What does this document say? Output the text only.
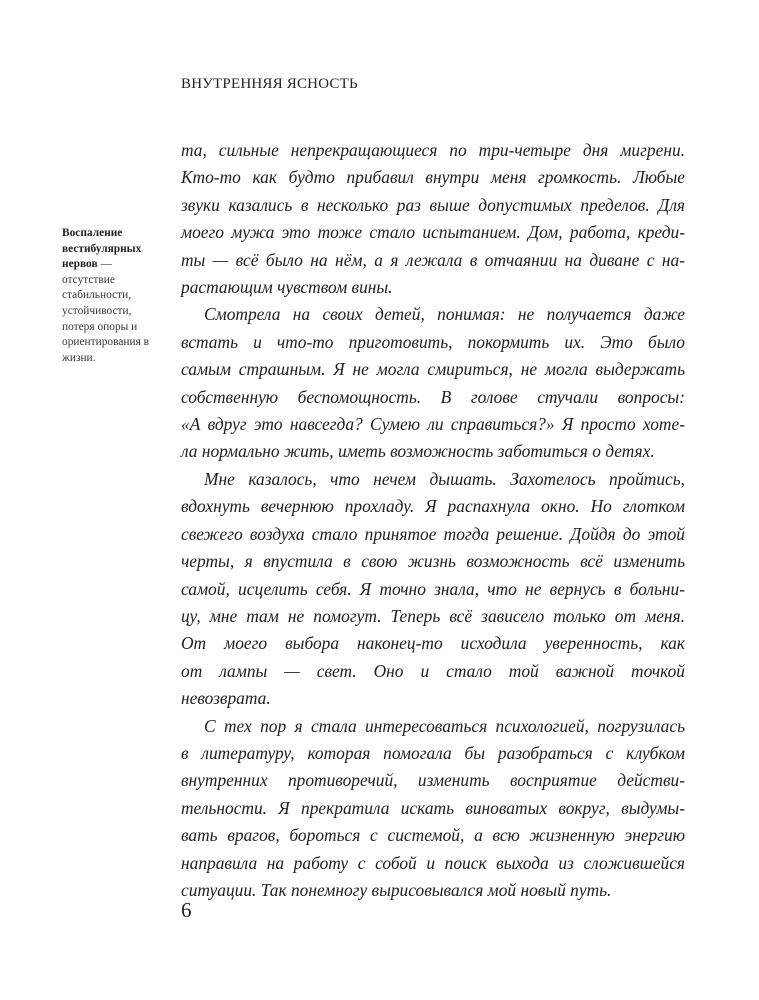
ВНУТРЕННЯЯ ЯСНОСТЬ
Воспаление вестибулярных нервов — отсутствие стабильности, устойчивости, потеря опоры и ориентирования в жизни.

та, сильные непрекращающиеся по три-четыре дня мигрени.
Кто-то как будто прибавил внутри меня громкость. Любые
звуки казались в несколько раз выше допустимых пределов. Для
моего мужа это тоже стало испытанием. Дом, работа, креди-
ты — всё было на нём, а я лежала в отчаянии на диване с на-
растающим чувством вины.

Смотрела на своих детей, понимая: не получается даже
встать и что-то приготовить, покормить их. Это было
самым страшным. Я не могла смириться, не могла выдержать
собственную беспомощность. В голове стучали вопросы:
«А вдруг это навсегда? Сумею ли справиться?» Я просто хоте-
ла нормально жить, иметь возможность заботиться о детях.

Мне казалось, что нечем дышать. Захотелось пройтись,
вдохнуть вечернюю прохладу. Я распахнула окно. Но глотком
свежего воздуха стало принятое тогда решение. Дойдя до этой
черты, я впустила в свою жизнь возможность всё изменить
самой, исцелить себя. Я точно знала, что не вернусь в больни-
цу, мне там не помогут. Теперь всё зависело только от меня.
От моего выбора наконец-то исходила уверенность, как
от лампы — свет. Оно и стало той важной точкой
невозврата.

С тех пор я стала интересоваться психологией, погрузилась
в литературу, которая помогала бы разобраться с клубком
внутренних противоречий, изменить восприятие действи-
тельности. Я прекратила искать виноватых вокруг, выдумы-
вать врагов, бороться с системой, а всю жизненную энергию
направила на работу с собой и поиск выхода из сложившейся
ситуации. Так понемногу вырисовывался мой новый путь.

6
